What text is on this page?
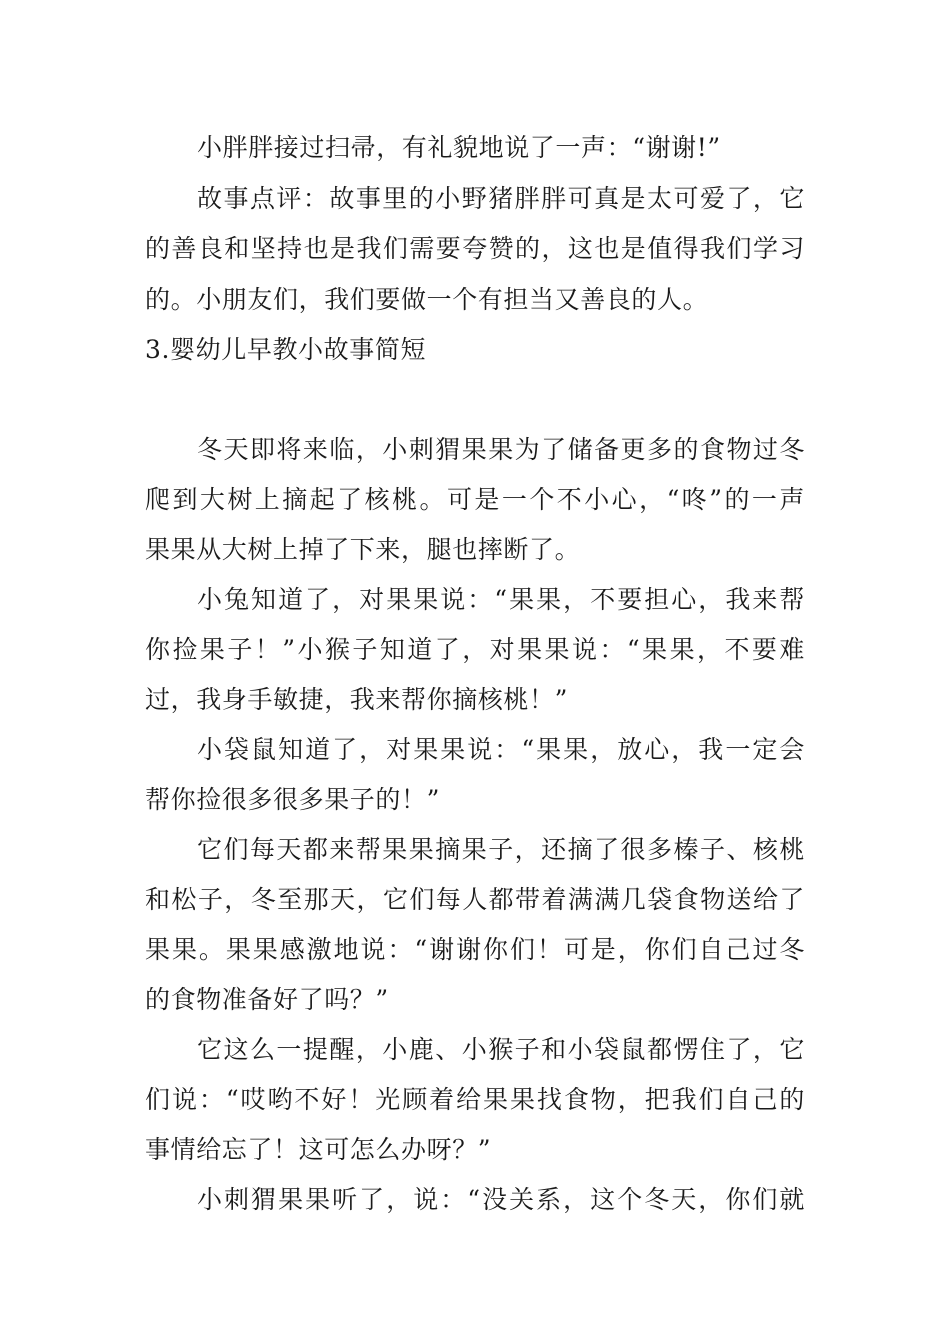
小胖胖接过扫帚，有礼貌地说了一声：“谢谢!”
故事点评：故事里的小野猪胖胖可真是太可爱了，它
的善良和坚持也是我们需要夸赞的，这也是值得我们学习
的。小朋友们，我们要做一个有担当又善良的人。
3.婴幼儿早教小故事简短
冬天即将来临，小刺猬果果为了储备更多的食物过冬
爬到大树上摘起了核桃。可是一个不小心，“咚”的一声
果果从大树上掉了下来，腿也摔断了。
小兔知道了，对果果说：“果果，不要担心，我来帮
你捡果子！”小猴子知道了，对果果说：“果果，不要难
过，我身手敏捷，我来帮你摘核桃！”
小袋鼠知道了，对果果说：“果果，放心，我一定会
帮你捡很多很多果子的！”
它们每天都来帮果果摘果子，还摘了很多榛子、核桃
和松子，冬至那天，它们每人都带着满满几袋食物送给了
果果。果果感激地说：“谢谢你们！可是，你们自己过冬
的食物准备好了吗？”
它这么一提醒，小鹿、小猴子和小袋鼠都愣住了，它
们说：“哎哟不好！光顾着给果果找食物，把我们自己的
事情给忘了！这可怎么办呀？”
小刺猬果果听了，说：“没关系，这个冬天，你们就
